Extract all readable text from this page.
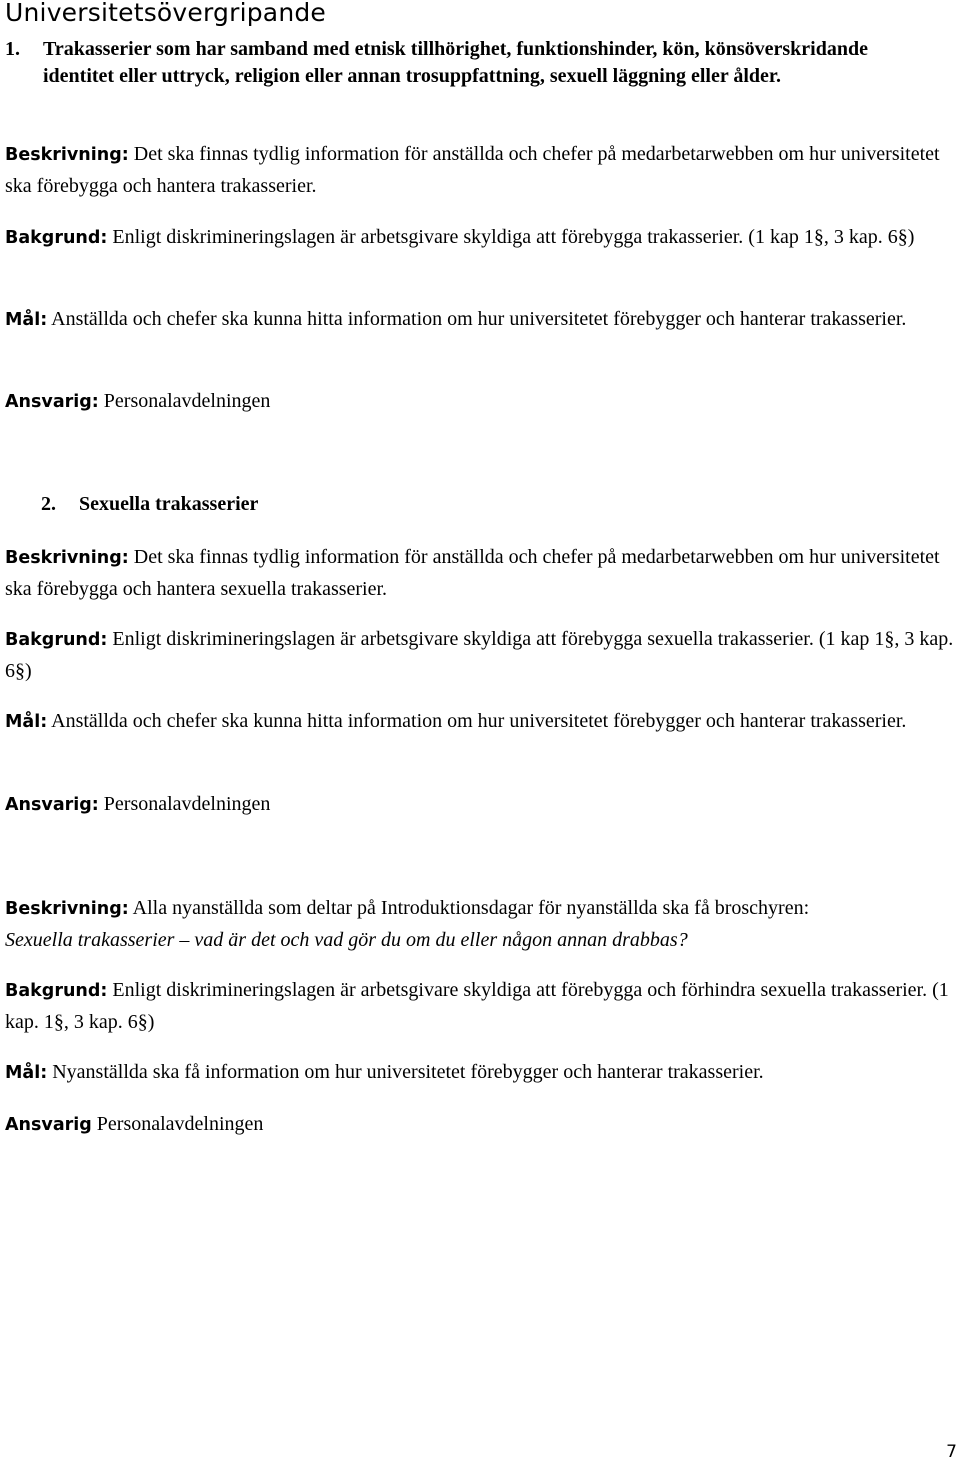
Universitetsövergripande

1. Trakasserier som har samband med etnisk tillhörighet, funktionshinder, kön, könsöverskridande identitet eller uttryck, religion eller annan trosuppfattning, sexuell läggning eller ålder.

Beskrivning: Det ska finnas tydlig information för anställda och chefer på medarbetarwebben om hur universitetet ska förebygga och hantera trakasserier.

Bakgrund: Enligt diskrimineringslagen är arbetsgivare skyldiga att förebygga trakasserier. (1 kap 1§, 3 kap. 6§)

Mål: Anställda och chefer ska kunna hitta information om hur universitetet förebygger och hanterar trakasserier.

Ansvarig: Personalavdelningen

2. Sexuella trakasserier

Beskrivning: Det ska finnas tydlig information för anställda och chefer på medarbetarwebben om hur universitetet ska förebygga och hantera sexuella trakasserier.

Bakgrund: Enligt diskrimineringslagen är arbetsgivare skyldiga att förebygga sexuella trakasserier. (1 kap 1§, 3 kap. 6§)

Mål: Anställda och chefer ska kunna hitta information om hur universitetet förebygger och hanterar trakasserier.

Ansvarig: Personalavdelningen

Beskrivning: Alla nyanställda som deltar på Introduktionsdagar för nyanställda ska få broschyren:
Sexuella trakasserier – vad är det och vad gör du om du eller någon annan drabbas?

Bakgrund: Enligt diskrimineringslagen är arbetsgivare skyldiga att förebygga och förhindra sexuella trakasserier. (1 kap. 1§, 3 kap. 6§)

Mål: Nyanställda ska få information om hur universitetet förebygger och hanterar trakasserier.

Ansvarig Personalavdelningen

7
